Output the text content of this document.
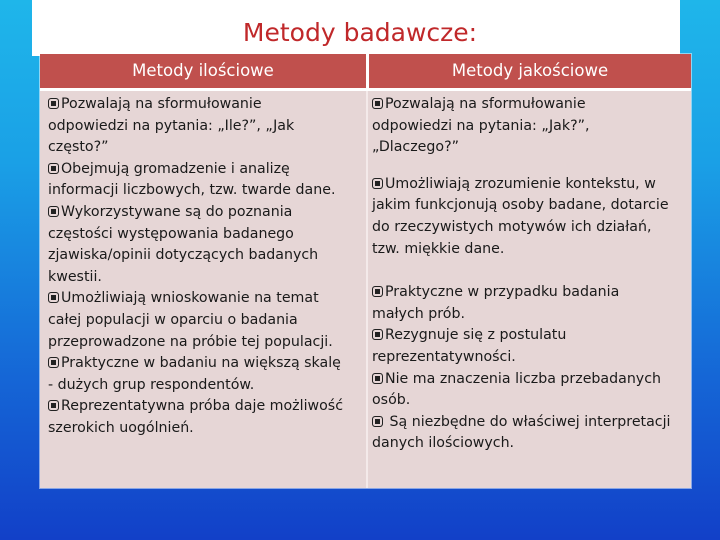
Metody badawcze:
Metody ilościowe	Metody jakościowe

Pozwalają na sformułowanie
odpowiedzi na pytania: „Ile?”, „Jak
często?”

Obejmują gromadzenie i analizę
informacji liczbowych, tzw. twarde dane.

Wykorzystywane są do poznania
częstości występowania badanego
zjawiska/opinii dotyczących badanych
kwestii.

Umożliwiają wnioskowanie na temat
całej populacji w oparciu o badania
przeprowadzone na próbie tej populacji.

Praktyczne w badaniu na większą skalę
- dużych grup respondentów.

Reprezentatywna próba daje możliwość
szerokich uogólnień.

Pozwalają na sformułowanie
odpowiedzi na pytania: „Jak?”,
„Dlaczego?”

Umożliwiają zrozumienie kontekstu, w
jakim funkcjonują osoby badane, dotarcie
do rzeczywistych motywów ich działań,
tzw. miękkie dane.

Praktyczne w przypadku badania
małych prób.

Rezygnuje się z postulatu
reprezentatywności.

Nie ma znaczenia liczba przebadanych
osób.

Są niezbędne do właściwej interpretacji
danych ilościowych.
